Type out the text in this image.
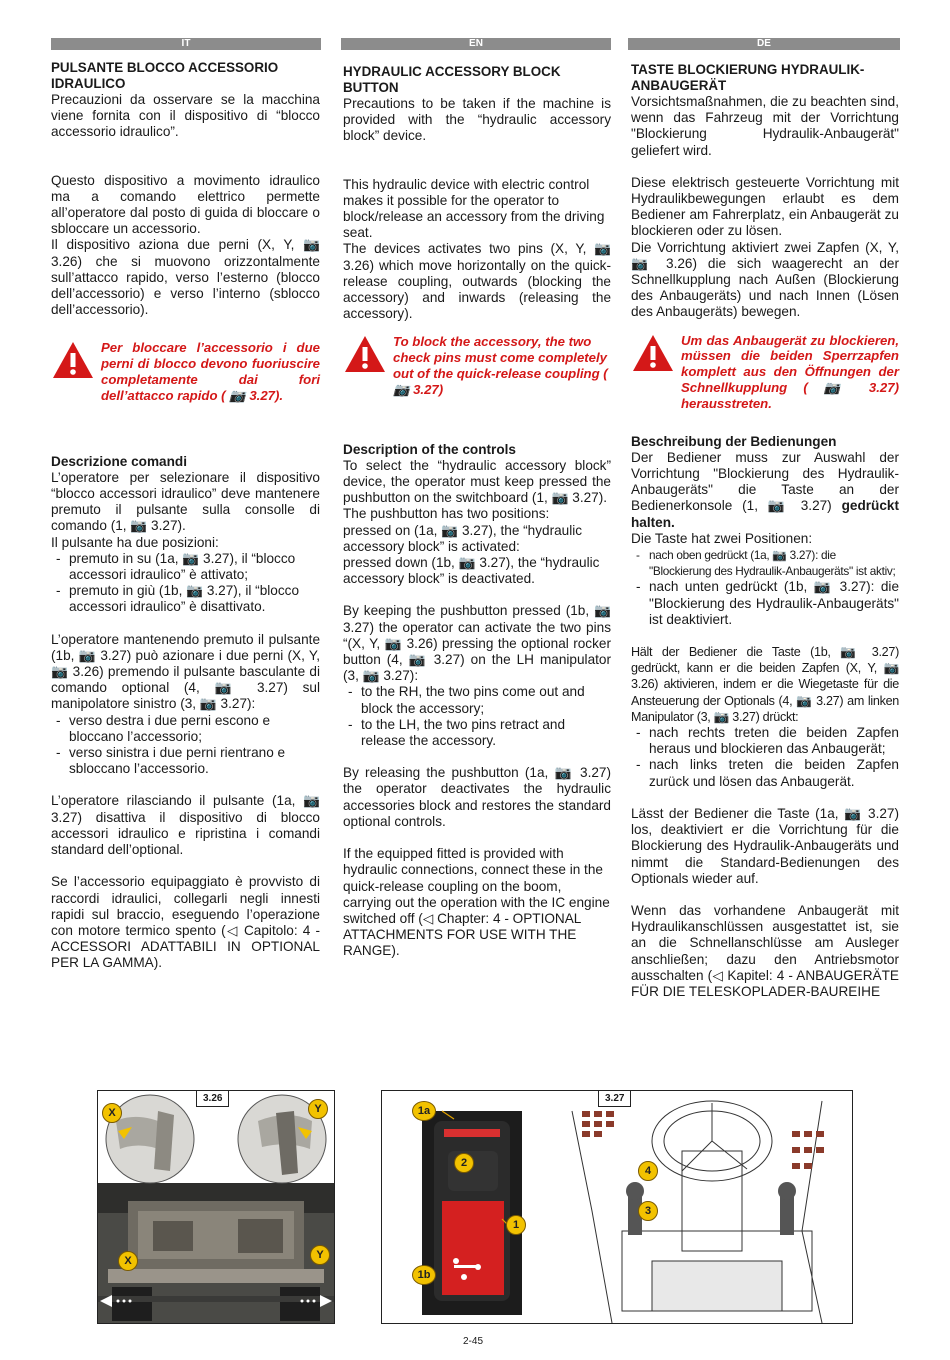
IT	EN	DE
PULSANTE BLOCCO ACCESSORIO IDRAULICO

Precauzioni da osservare se la macchina viene fornita con il dispositivo di “blocco accessorio idraulico”.

Questo dispositivo a movimento idraulico ma a comando elettrico permette all’operatore dal posto di guida di bloccare o sbloccare un accessorio.

Il dispositivo aziona due perni (X, Y, 📷 3.26) che si muovono orizzontalmente sull’attacco rapido, verso l’esterno (blocco dell’accessorio) e verso l’interno (sblocco dell’accessorio).

Per bloccare l’accessorio i due perni di blocco devono fuoriuscire completamente dai fori dell’attacco rapido ( 📷 3.27).

Descrizione comandi

L’operatore per selezionare il dispositivo “blocco accessori idraulico” deve mantenere premuto il pulsante sulla consolle di comando (1, 📷 3.27).

Il pulsante ha due posizioni:

- premuto in su (1a, 📷 3.27), il “blocco accessori idraulico” è attivato;
- premuto in giù (1b, 📷 3.27), il “blocco accessori idraulico” è disattivato.

L’operatore mantenendo premuto il pulsante (1b, 📷 3.27) può azionare i due perni (X, Y, 📷 3.26) premendo il pulsante basculante di comando optional (4, 📷 3.27) sul manipolatore sinistro (3, 📷 3.27):

- verso destra i due perni escono e bloccano l’accessorio;
- verso sinistra i due perni rientrano e sbloccano l’accessorio.

L’operatore rilasciando il pulsante (1a, 📷 3.27) disattiva il dispositivo di blocco accessori idraulico e ripristina i comandi standard dell’optional.

Se l’accessorio equipaggiato è provvisto di raccordi idraulici, collegarli negli innesti rapidi sul braccio, eseguendo l’operazione con motore termico spento (◁ Capitolo: 4 - ACCESSORI ADATTABILI IN OPTIONAL PER LA GAMMA).

HYDRAULIC ACCESSORY BLOCK BUTTON

Precautions to be taken if the machine is provided with the “hydraulic accessory block” device.

This hydraulic device with electric control makes it possible for the operator to block/release an accessory from the driving seat.

The devices activates two pins (X, Y, 📷 3.26) which move horizontally on the quick-release coupling, outwards (blocking the accessory) and inwards (releasing the accessory).

To block the accessory, the two check pins must come completely out of the quick-release coupling ( 📷 3.27)

Description of the controls

To select the “hydraulic accessory block” device, the operator must keep pressed the pushbutton on the switchboard (1, 📷 3.27).

The pushbutton has two positions:

pressed on (1a, 📷 3.27), the “hydraulic accessory block” is activated:

pressed down (1b, 📷 3.27), the “hydraulic accessory block” is deactivated.

By keeping the pushbutton pressed (1b, 📷 3.27) the operator can activate the two pins “(X, Y, 📷 3.26) pressing the optional rocker button (4, 📷 3.27) on the LH manipulator (3, 📷 3.27):

- to the RH, the two pins come out and block the accessory;
- to the LH, the two pins retract and release the accessory.

By releasing the pushbutton (1a, 📷 3.27) the operator deactivates the hydraulic accessories block and restores the standard optional controls.

If the equipped fitted is provided with hydraulic connections, connect these in the quick-release coupling on the boom, carrying out the operation with the IC engine switched off (◁ Chapter: 4 - OPTIONAL ATTACHMENTS FOR USE WITH THE RANGE).

TASTE BLOCKIERUNG HYDRAULIK-ANBAUGERÄT

Vorsichtsmaßnahmen, die zu beachten sind, wenn das Fahrzeug mit der Vorrichtung "Blockierung Hydraulik-Anbaugerät" geliefert wird.

Diese elektrisch gesteuerte Vorrichtung mit Hydraulikbewegungen erlaubt es dem Bediener am Fahrerplatz, ein Anbaugerät zu blockieren oder zu lösen.

Die Vorrichtung aktiviert zwei Zapfen (X, Y, 📷 3.26) die sich waagerecht an der Schnellkupplung nach Außen (Blockierung des Anbaugeräts) und nach Innen (Lösen des Anbaugeräts) bewegen.

Um das Anbaugerät zu blockieren, müssen die beiden Sperrzapfen komplett aus den Öffnungen der Schnellkupplung ( 📷 3.27) herausstreten.

Beschreibung der Bedienungen

Der Bediener muss zur Auswahl der Vorrichtung "Blockierung des Hydraulik-Anbaugeräts" die Taste an der Bedienerkonsole (1, 📷 3.27) gedrückt halten.

Die Taste hat zwei Positionen:

- nach oben gedrückt (1a, 📷 3.27): die "Blockierung des Hydraulik-Anbaugeräts" ist aktiv;
- nach unten gedrückt (1b, 📷 3.27): die "Blockierung des Hydraulik-Anbaugeräts" ist deaktiviert.

Hält der Bediener die Taste (1b, 📷 3.27) gedrückt, kann er die beiden Zapfen (X, Y, 📷 3.26) aktivieren, indem er die Wiegetaste für die Ansteuerung der Optionals (4, 📷 3.27) am linken Manipulator (3, 📷 3.27) drückt:

- nach rechts treten die beiden Zapfen heraus und blockieren das Anbaugerät;
- nach links treten die beiden Zapfen zurück und lösen das Anbaugerät.

Lässt der Bediener die Taste (1a, 📷 3.27) los, deaktiviert er die Vorrichtung für die Blockierung des Hydraulik-Anbaugeräts und nimmt die Standard-Bedienungen des Optionals wieder auf.

Wenn das vorhandene Anbaugerät mit Hydraulikanschlüssen ausgestattet ist, sie an die Schnellanschlüsse am Ausleger anschließen; dazu den Antriebsmotor ausschalten (◁ Kapitel: 4 - ANBAUGERÄTE FÜR DIE TELESKOPLADER-BAUREIHE

3.26
X	Y
X	Y
3.27
1a
2
1
1b
4
3
2-45
